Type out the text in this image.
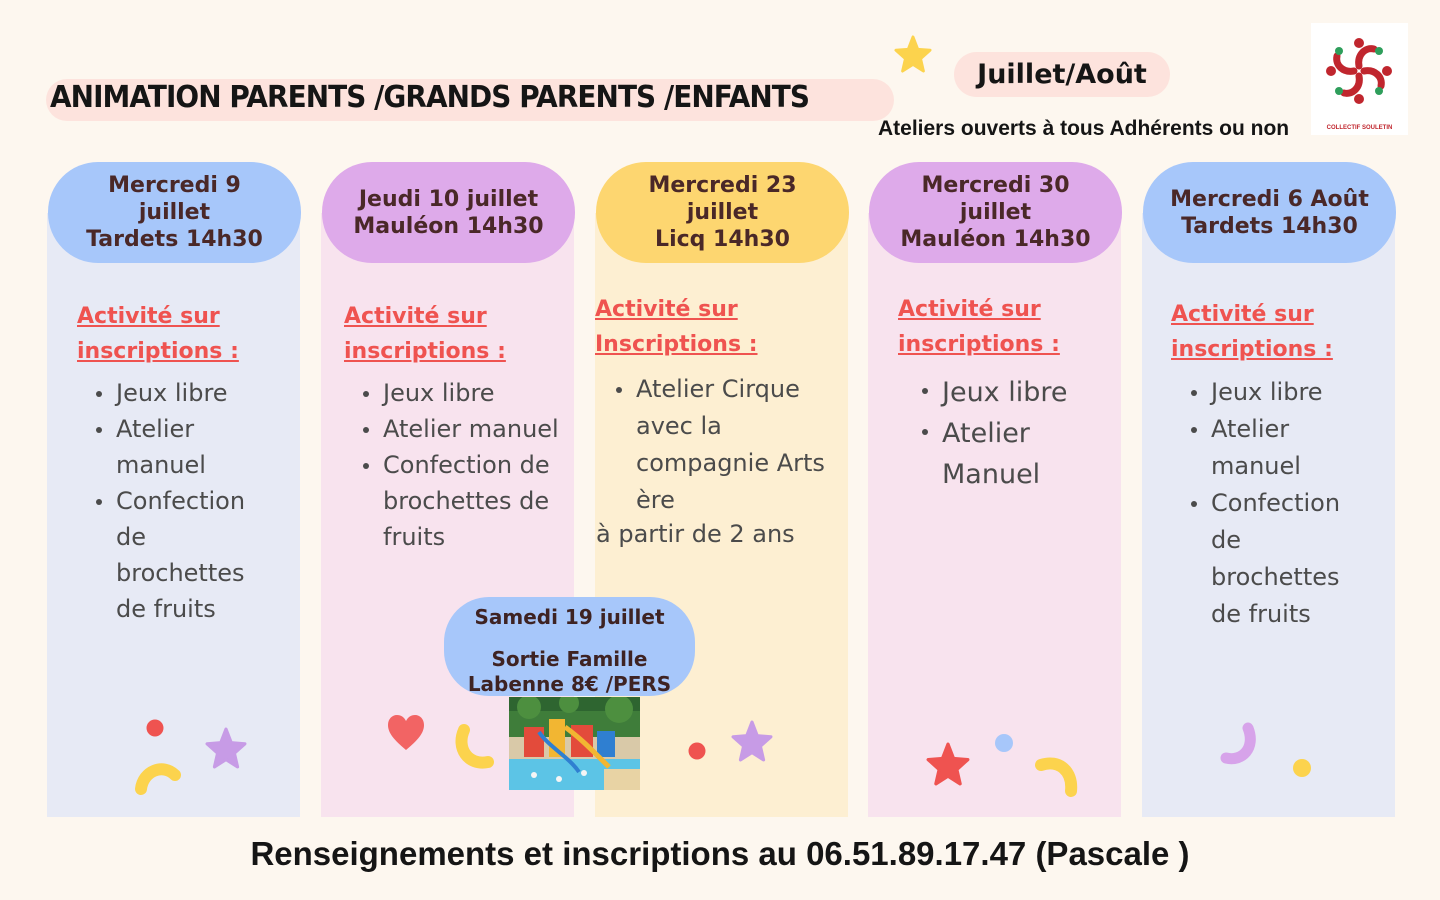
ANIMATION PARENTS /GRANDS PARENTS /ENFANTS
Juillet/Août
Ateliers ouverts à tous Adhérents ou non	COLLECTIF SOULETIN
Mercredi 9
juillet
Tardets 14h30
Jeudi 10 juillet
Mauléon 14h30
Mercredi 23
juillet
Licq 14h30
Mercredi 30
juillet
Mauléon 14h30
Mercredi 6 Août
Tardets 14h30
Activité sur
inscriptions :
Jeux libre
Atelier manuel
Confection de brochettes de fruits
Activité sur
inscriptions :
Jeux libre
Atelier manuel
Confection de brochettes de fruits
Activité sur
Inscriptions :
Atelier Cirque avec la compagnie Arts ère
à partir de 2 ans
Activité sur
inscriptions :
Jeux libre
Atelier Manuel
Activité sur
inscriptions :
Jeux libre
Atelier manuel
Confection de brochettes de fruits
Samedi 19 juillet
Sortie Famille
Labenne 8€ /PERS
Renseignements et inscriptions au 06.51.89.17.47 (Pascale )
